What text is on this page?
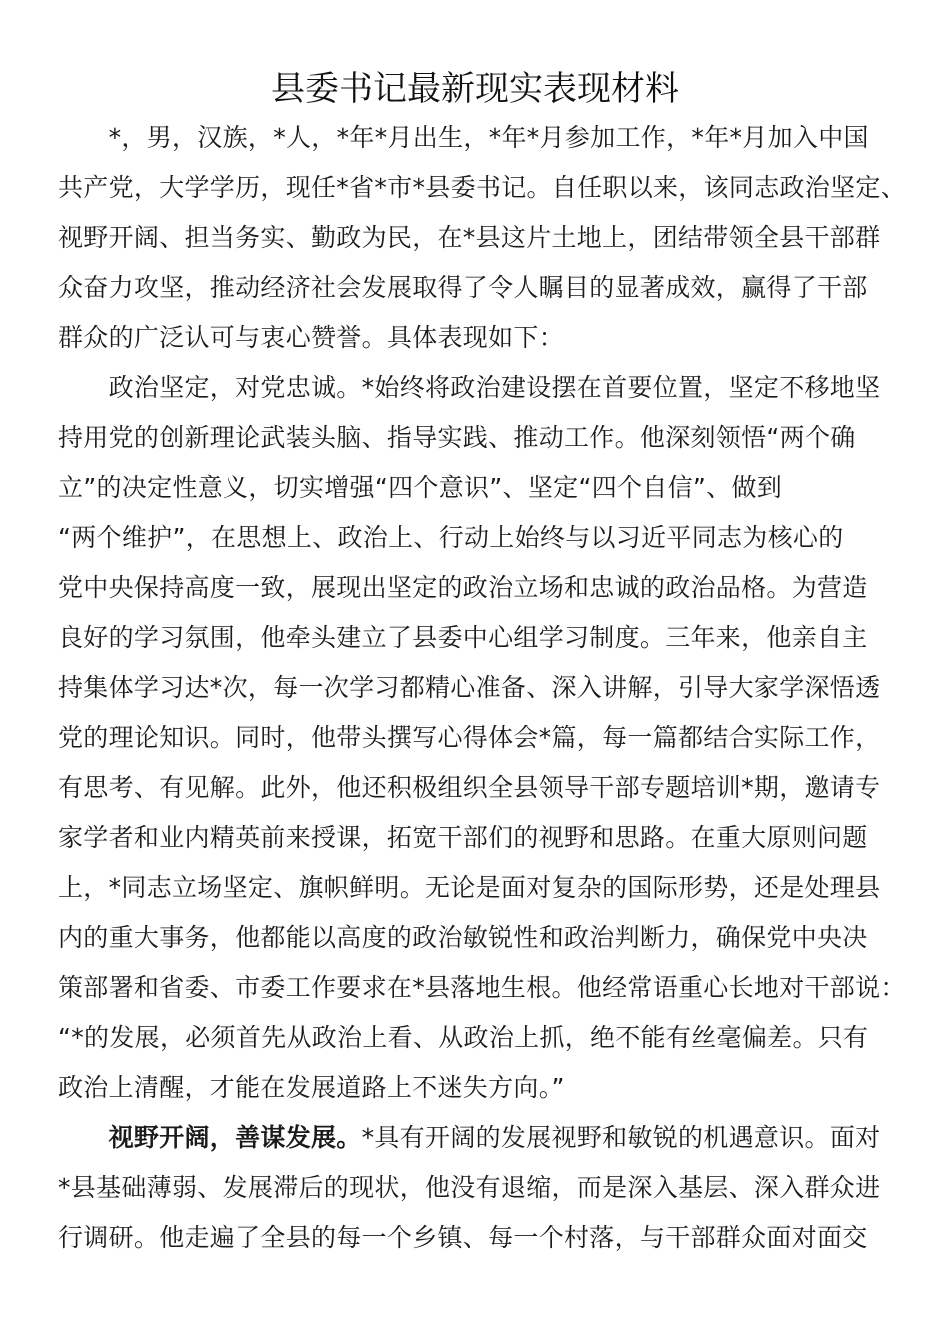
县委书记最新现实表现材料
　　*，男，汉族，*人，*年*月出生，*年*月参加工作，*年*月加入中国
共产党，大学学历，现任*省*市*县委书记。自任职以来，该同志政治坚定、
视野开阔、担当务实、勤政为民，在*县这片土地上，团结带领全县干部群
众奋力攻坚，推动经济社会发展取得了令人瞩目的显著成效，赢得了干部
群众的广泛认可与衷心赞誉。具体表现如下：
　　政治坚定，对党忠诚。*始终将政治建设摆在首要位置，坚定不移地坚
持用党的创新理论武装头脑、指导实践、推动工作。他深刻领悟“两个确
立”的决定性意义，切实增强“四个意识”、坚定“四个自信”、做到
“两个维护”，在思想上、政治上、行动上始终与以习近平同志为核心的
党中央保持高度一致，展现出坚定的政治立场和忠诚的政治品格。为营造
良好的学习氛围，他牵头建立了县委中心组学习制度。三年来，他亲自主
持集体学习达*次，每一次学习都精心准备、深入讲解，引导大家学深悟透
党的理论知识。同时，他带头撰写心得体会*篇，每一篇都结合实际工作，
有思考、有见解。此外，他还积极组织全县领导干部专题培训*期，邀请专
家学者和业内精英前来授课，拓宽干部们的视野和思路。在重大原则问题
上，*同志立场坚定、旗帜鲜明。无论是面对复杂的国际形势，还是处理县
内的重大事务，他都能以高度的政治敏锐性和政治判断力，确保党中央决
策部署和省委、市委工作要求在*县落地生根。他经常语重心长地对干部说：
“*的发展，必须首先从政治上看、从政治上抓，绝不能有丝毫偏差。只有
政治上清醒，才能在发展道路上不迷失方向。”
　　视野开阔，善谋发展。*具有开阔的发展视野和敏锐的机遇意识。面对
*县基础薄弱、发展滞后的现状，他没有退缩，而是深入基层、深入群众进
行调研。他走遍了全县的每一个乡镇、每一个村落，与干部群众面对面交
